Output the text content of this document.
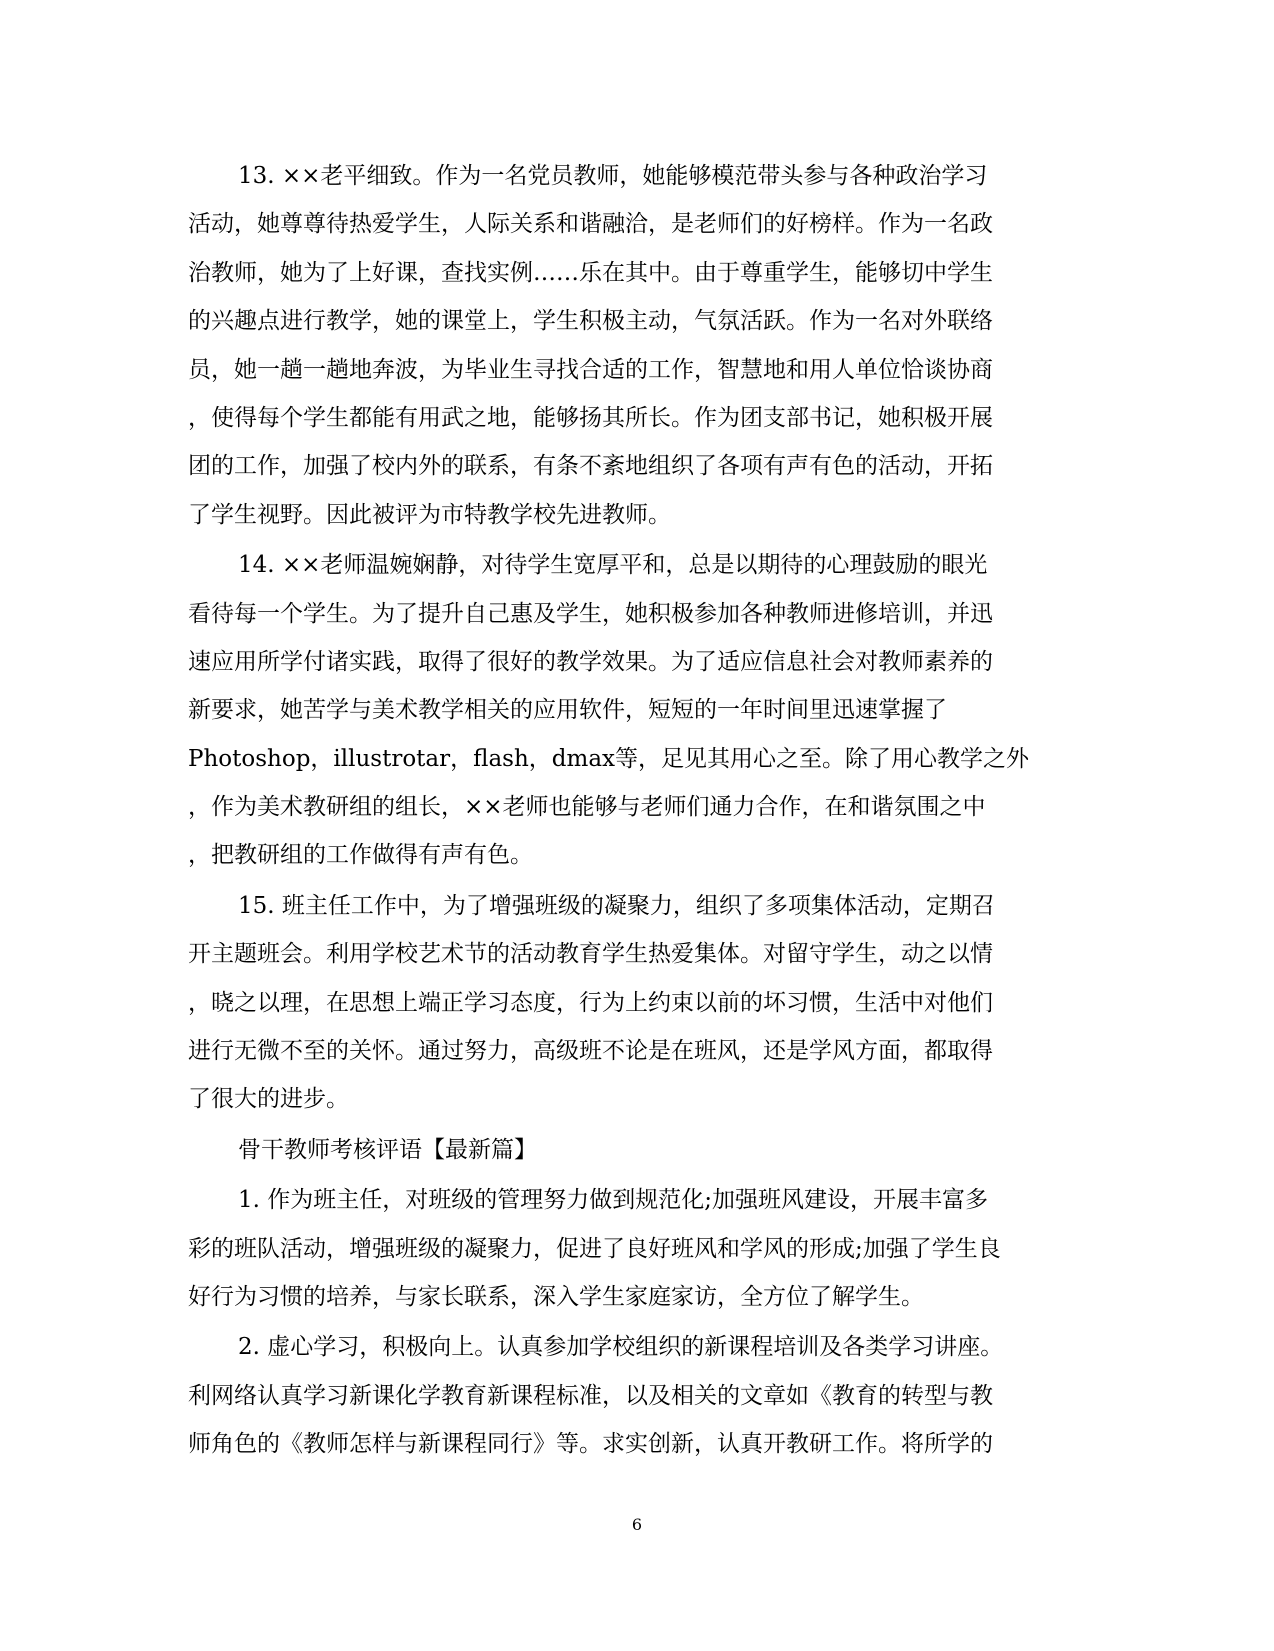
13. ××老平细致。作为一名党员教师，她能够模范带头参与各种政治学习
活动，她尊尊待热爱学生，人际关系和谐融洽，是老师们的好榜样。作为一名政
治教师，她为了上好课，查找实例……乐在其中。由于尊重学生，能够切中学生
的兴趣点进行教学，她的课堂上，学生积极主动，气氛活跃。作为一名对外联络
员，她一趟一趟地奔波，为毕业生寻找合适的工作，智慧地和用人单位恰谈协商
，使得每个学生都能有用武之地，能够扬其所长。作为团支部书记，她积极开展
团的工作，加强了校内外的联系，有条不紊地组织了各项有声有色的活动，开拓
了学生视野。因此被评为市特教学校先进教师。
14. ××老师温婉娴静，对待学生宽厚平和，总是以期待的心理鼓励的眼光
看待每一个学生。为了提升自己惠及学生，她积极参加各种教师进修培训，并迅
速应用所学付诸实践，取得了很好的教学效果。为了适应信息社会对教师素养的
新要求，她苦学与美术教学相关的应用软件，短短的一年时间里迅速掌握了
Photoshop，illustrotar，flash，dmax等，足见其用心之至。除了用心教学之外
，作为美术教研组的组长，××老师也能够与老师们通力合作，在和谐氛围之中
，把教研组的工作做得有声有色。
15. 班主任工作中，为了增强班级的凝聚力，组织了多项集体活动，定期召
开主题班会。利用学校艺术节的活动教育学生热爱集体。对留守学生，动之以情
，晓之以理，在思想上端正学习态度，行为上约束以前的坏习惯，生活中对他们
进行无微不至的关怀。通过努力，高级班不论是在班风，还是学风方面，都取得
了很大的进步。
骨干教师考核评语【最新篇】
1. 作为班主任，对班级的管理努力做到规范化;加强班风建设，开展丰富多
彩的班队活动，增强班级的凝聚力，促进了良好班风和学风的形成;加强了学生良
好行为习惯的培养，与家长联系，深入学生家庭家访，全方位了解学生。
2. 虚心学习，积极向上。认真参加学校组织的新课程培训及各类学习讲座。
利网络认真学习新课化学教育新课程标准，以及相关的文章如《教育的转型与教
师角色的《教师怎样与新课程同行》等。求实创新，认真开教研工作。将所学的
6
